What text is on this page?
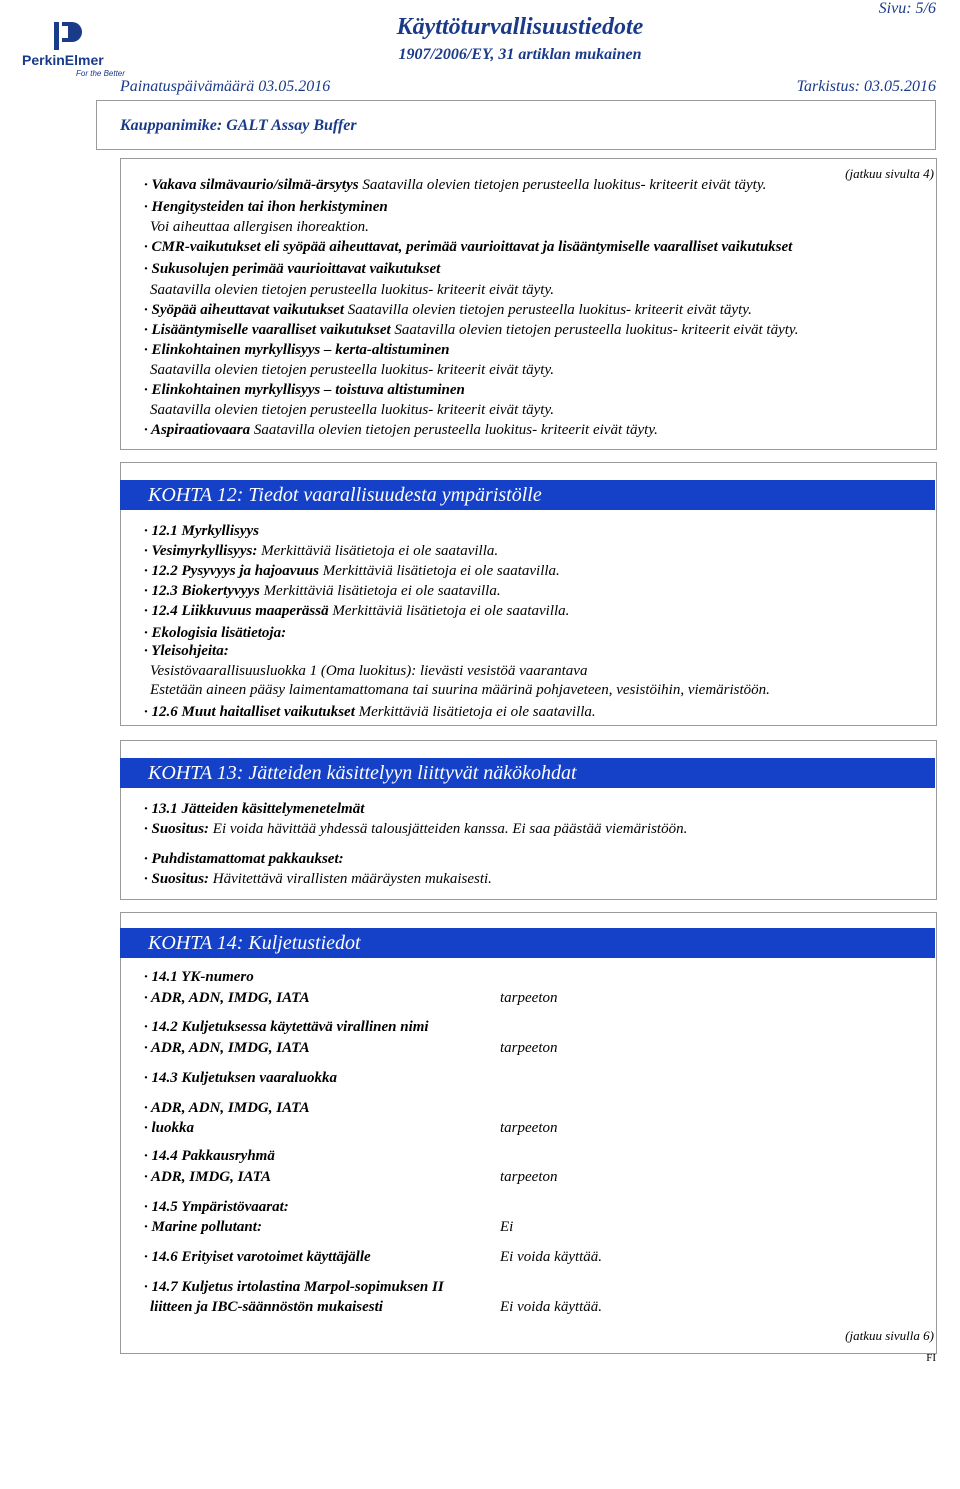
PerkinElmer
For the Better
Sivu: 5/6
Käyttöturvallisuustiedote
1907/2006/EY, 31 artiklan mukainen
Painatuspäivämäärä 03.05.2016	Tarkistus: 03.05.2016
Kauppanimike: GALT Assay Buffer
(jatkuu sivulta 4)
· Vakava silmävaurio/silmä-ärsytys Saatavilla olevien tietojen perusteella luokitus- kriteerit eivät täyty.
· Hengitysteiden tai ihon herkistyminen
Voi aiheuttaa allergisen ihoreaktion.
· CMR-vaikutukset eli syöpää aiheuttavat, perimää vaurioittavat ja lisääntymiselle vaaralliset vaikutukset
· Sukusolujen perimää vaurioittavat vaikutukset
Saatavilla olevien tietojen perusteella luokitus- kriteerit eivät täyty.
· Syöpää aiheuttavat vaikutukset Saatavilla olevien tietojen perusteella luokitus- kriteerit eivät täyty.
· Lisääntymiselle vaaralliset vaikutukset Saatavilla olevien tietojen perusteella luokitus- kriteerit eivät täyty.
· Elinkohtainen myrkyllisyys – kerta-altistuminen
Saatavilla olevien tietojen perusteella luokitus- kriteerit eivät täyty.
· Elinkohtainen myrkyllisyys – toistuva altistuminen
Saatavilla olevien tietojen perusteella luokitus- kriteerit eivät täyty.
· Aspiraatiovaara Saatavilla olevien tietojen perusteella luokitus- kriteerit eivät täyty.
KOHTA 12: Tiedot vaarallisuudesta ympäristölle
· 12.1 Myrkyllisyys
· Vesimyrkyllisyys: Merkittäviä lisätietoja ei ole saatavilla.
· 12.2 Pysyvyys ja hajoavuus Merkittäviä lisätietoja ei ole saatavilla.
· 12.3 Biokertyvyys Merkittäviä lisätietoja ei ole saatavilla.
· 12.4 Liikkuvuus maaperässä Merkittäviä lisätietoja ei ole saatavilla.
· Ekologisia lisätietoja:
· Yleisohjeita:
Vesistövaarallisuusluokka 1 (Oma luokitus): lievästi vesistöä vaarantava
Estetään aineen pääsy laimentamattomana tai suurina määrinä pohjaveteen, vesistöihin, viemäristöön.
· 12.6 Muut haitalliset vaikutukset Merkittäviä lisätietoja ei ole saatavilla.
KOHTA 13: Jätteiden käsittelyyn liittyvät näkökohdat
· 13.1 Jätteiden käsittelymenetelmät
· Suositus: Ei voida hävittää yhdessä talousjätteiden kanssa. Ei saa päästää viemäristöön.
· Puhdistamattomat pakkaukset:
· Suositus: Hävitettävä virallisten määräysten mukaisesti.
KOHTA 14: Kuljetustiedot
· 14.1 YK-numero
· ADR, ADN, IMDG, IATA	tarpeeton
· 14.2 Kuljetuksessa käytettävä virallinen nimi
· ADR, ADN, IMDG, IATA	tarpeeton
· 14.3 Kuljetuksen vaaraluokka
· ADR, ADN, IMDG, IATA
· luokka	tarpeeton
· 14.4 Pakkausryhmä
· ADR, IMDG, IATA	tarpeeton
· 14.5 Ympäristövaarat:
· Marine pollutant:	Ei
· 14.6 Erityiset varotoimet käyttäjälle	Ei voida käyttää.
· 14.7 Kuljetus irtolastina Marpol-sopimuksen II
liitteen ja IBC-säännöstön mukaisesti	Ei voida käyttää.
(jatkuu sivulla 6)
FI
